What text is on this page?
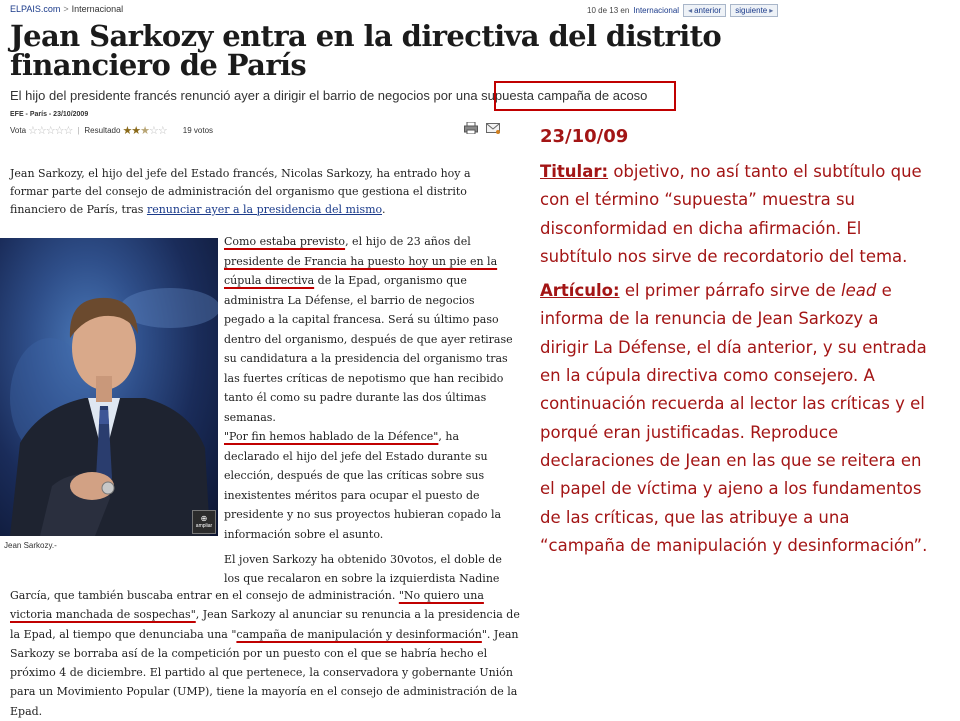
ELPAIS.com > Internacional	10 de 13 en Internacional ◂ anterior siguiente ▸
Jean Sarkozy entra en la directiva del distrito financiero de París
El hijo del presidente francés renunció ayer a dirigir el barrio de negocios por una supuesta campaña de acoso
EFE - París - 23/10/2009
Vota ☆☆☆☆☆ | Resultado ★★★☆☆ 19 votos

Jean Sarkozy, el hijo del jefe del Estado francés, Nicolas Sarkozy, ha entrado hoy a formar parte del consejo de administración del organismo que gestiona el distrito financiero de París, tras renunciar ayer a la presidencia del mismo.

⊕
ampliar
Jean Sarkozy.-

Como estaba previsto, el hijo de 23 años del presidente de Francia ha puesto hoy un pie en la cúpula directiva de la Epad, organismo que administra La Défense, el barrio de negocios pegado a la capital francesa. Será su último paso dentro del organismo, después de que ayer retirase su candidatura a la presidencia del organismo tras las fuertes críticas de nepotismo que han recibido tanto él como su padre durante las dos últimas semanas.

"Por fin hemos hablado de la Défence", ha declarado el hijo del jefe del Estado durante su elección, después de que las críticas sobre sus inexistentes méritos para ocupar el puesto de presidente y no sus proyectos hubieran copado la información sobre el asunto.

El joven Sarkozy ha obtenido 30votos, el doble de los que recalaron en sobre la izquierdista Nadine

García, que también buscaba entrar en el consejo de administración. "No quiero una victoria manchada de sospechas", Jean Sarkozy al anunciar su renuncia a la presidencia de la Epad, al tiempo que denunciaba una "campaña de manipulación y desinformación". Jean Sarkozy se borraba así de la competición por un puesto con el que se habría hecho el próximo 4 de diciembre. El partido al que pertenece, la conservadora y gobernante Unión para un Movimiento Popular (UMP), tiene la mayoría en el consejo de administración de la Epad.

23/10/09

Titular: objetivo, no así tanto el subtítulo que con el término “supuesta” muestra su disconformidad en dicha afirmación. El subtítulo nos sirve de recordatorio del tema.

Artículo: el primer párrafo sirve de lead e informa de la renuncia de Jean Sarkozy a dirigir La Défense, el día anterior, y su entrada en la cúpula directiva como consejero. A continuación recuerda al lector las críticas y el porqué eran justificadas. Reproduce declaraciones de Jean en las que se reitera en el papel de víctima y ajeno a los fundamentos de las críticas, que las atribuye a una “campaña de manipulación y desinformación”.
